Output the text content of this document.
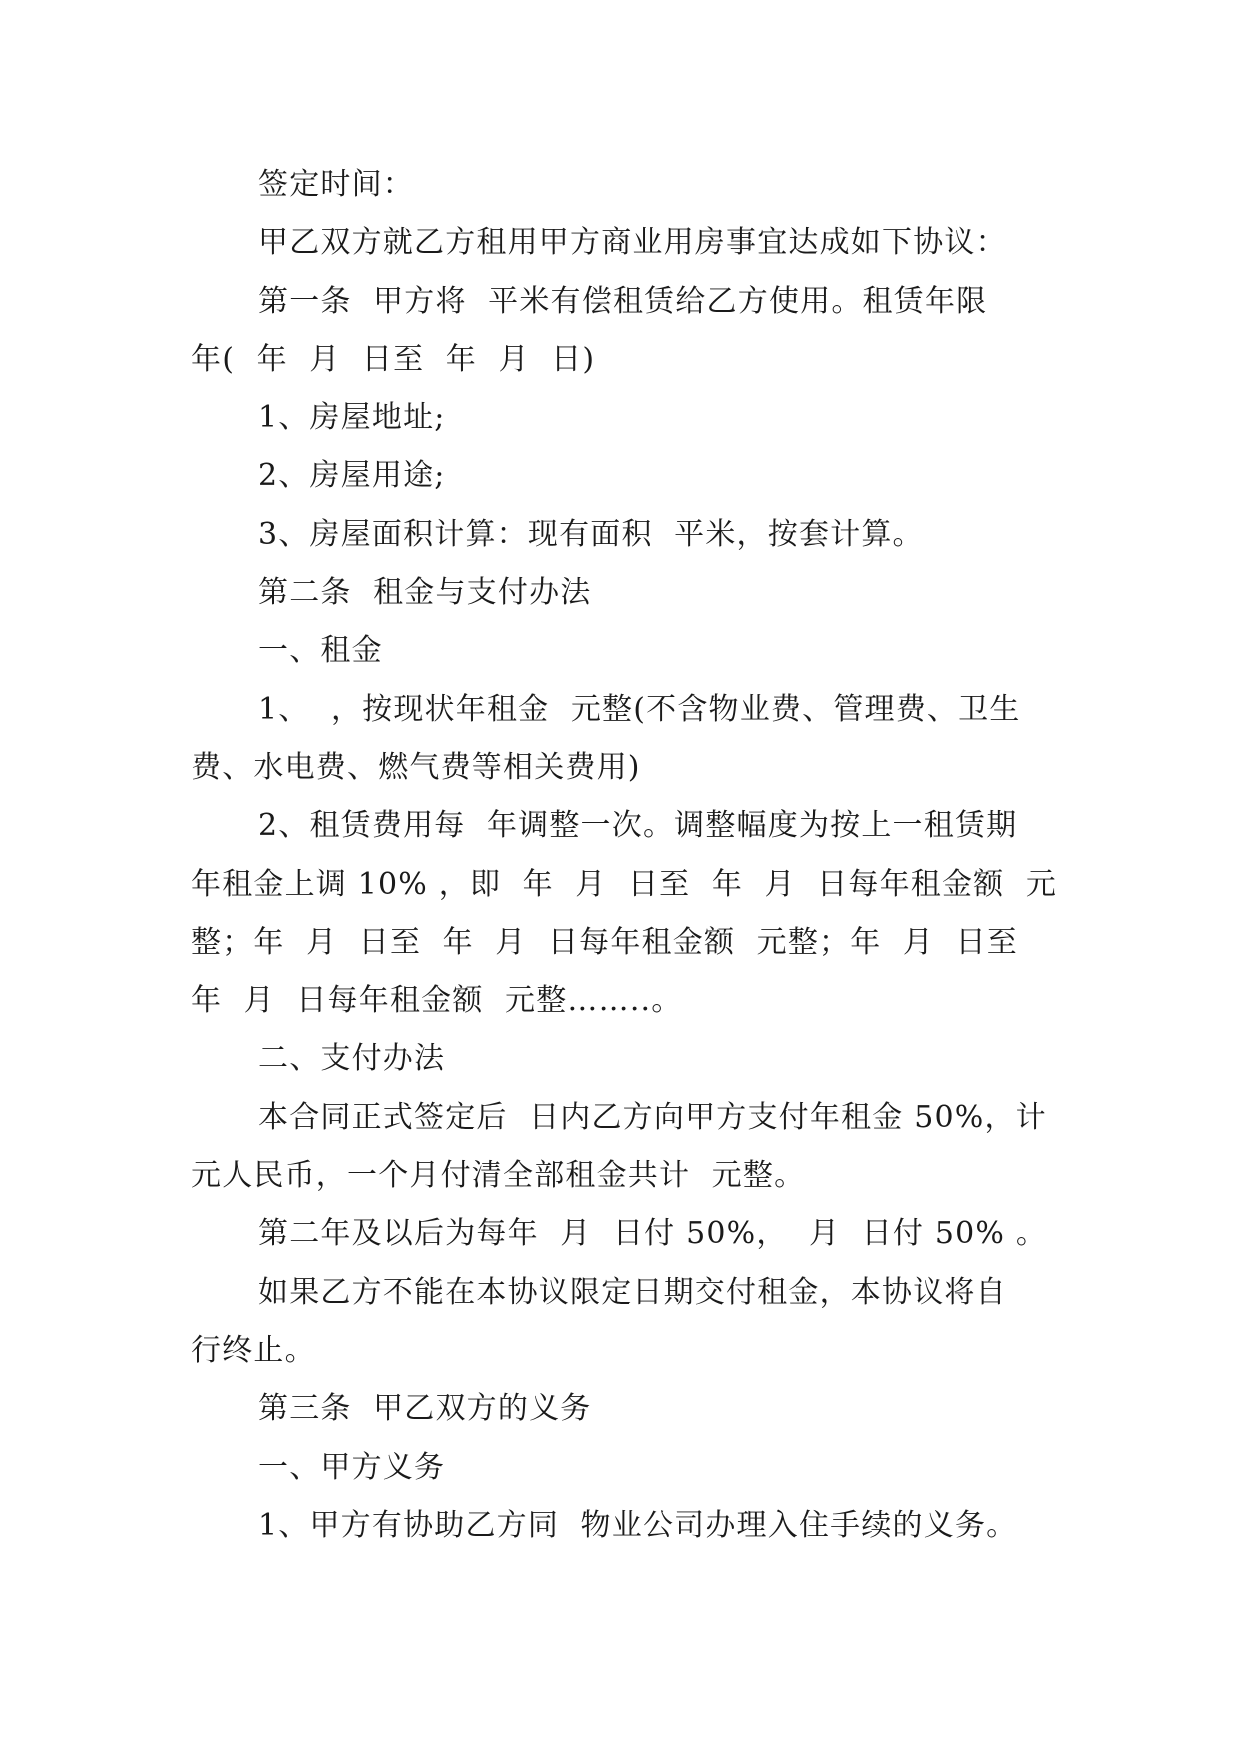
签定时间：
甲乙双方就乙方租用甲方商业用房事宜达成如下协议：
第一条  甲方将  平米有偿租赁给乙方使用。租赁年限
年(  年  月  日至  年  月  日)
1、房屋地址;
2、房屋用途;
3、房屋面积计算：现有面积  平米，按套计算。
第二条  租金与支付办法
一、租金
1、  ，按现状年租金  元整(不含物业费、管理费、卫生
费、水电费、燃气费等相关费用)
2、租赁费用每  年调整一次。调整幅度为按上一租赁期
年租金上调 10% ，即  年  月  日至  年  月  日每年租金额  元
整；年  月  日至  年  月  日每年租金额  元整；年  月  日至
年  月  日每年租金额  元整……..。
二、支付办法
本合同正式签定后  日内乙方向甲方支付年租金 50%，计
元人民币，一个月付清全部租金共计  元整。
第二年及以后为每年  月  日付 50%，  月  日付 50% 。
如果乙方不能在本协议限定日期交付租金，本协议将自
行终止。
第三条  甲乙双方的义务
一、甲方义务
1、甲方有协助乙方同  物业公司办理入住手续的义务。
